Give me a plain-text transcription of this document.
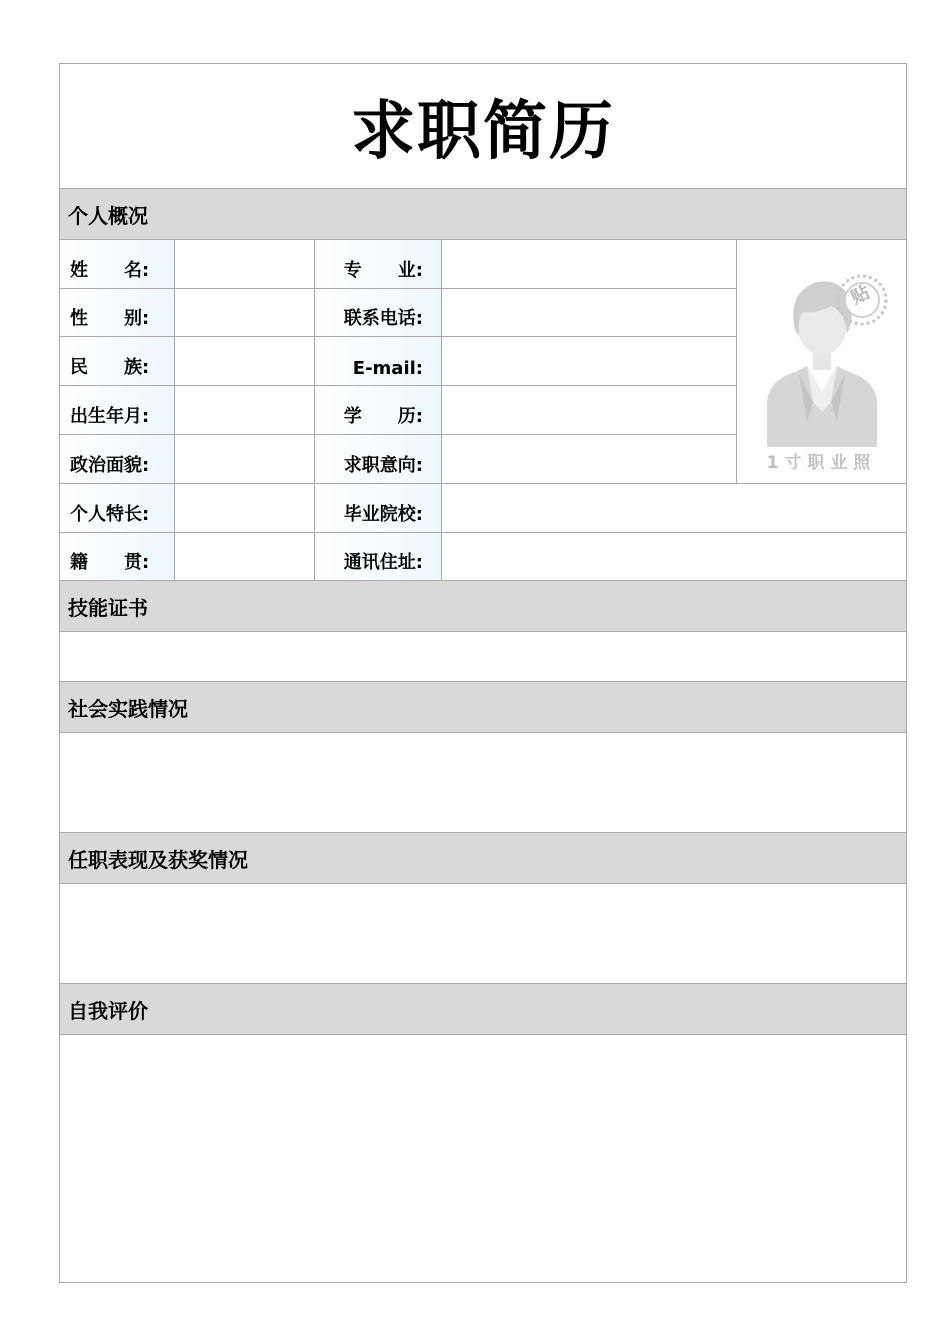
求职简历
个人概况
姓　　名:	专　　业:
性　　别:	联系电话:
民　　族:	E-mail:
出生年月:	学　　历:
政治面貌:	求职意向:
贴
1寸职业照
个人特长:	毕业院校:
籍　　贯:	通讯住址:
技能证书
社会实践情况
任职表现及获奖情况
自我评价
